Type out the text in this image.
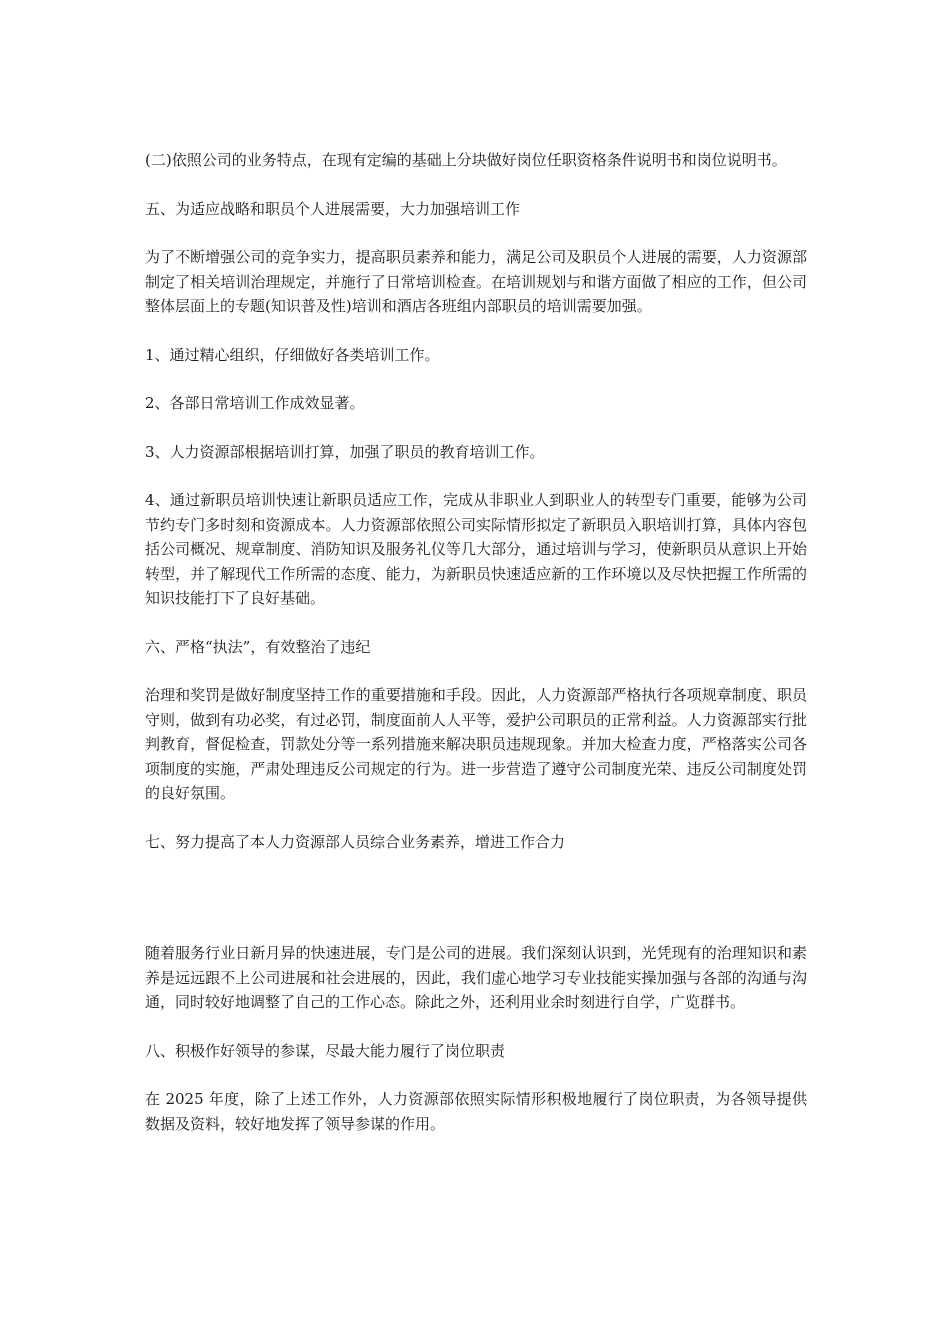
(二)依照公司的业务特点，在现有定编的基础上分块做好岗位任职资格条件说明书和岗位说明书。

五、为适应战略和职员个人进展需要，大力加强培训工作

为了不断增强公司的竞争实力，提高职员素养和能力，满足公司及职员个人进展的需要，人力资源部制定了相关培训治理规定，并施行了日常培训检查。在培训规划与和谐方面做了相应的工作，但公司整体层面上的专题(知识普及性)培训和酒店各班组内部职员的培训需要加强。

1、通过精心组织，仔细做好各类培训工作。

2、各部日常培训工作成效显著。

3、人力资源部根据培训打算，加强了职员的教育培训工作。

4、通过新职员培训快速让新职员适应工作，完成从非职业人到职业人的转型专门重要，能够为公司节约专门多时刻和资源成本。人力资源部依照公司实际情形拟定了新职员入职培训打算，具体内容包括公司概况、规章制度、消防知识及服务礼仪等几大部分，通过培训与学习，使新职员从意识上开始转型，并了解现代工作所需的态度、能力，为新职员快速适应新的工作环境以及尽快把握工作所需的知识技能打下了良好基础。

六、严格“执法”，有效整治了违纪

治理和奖罚是做好制度坚持工作的重要措施和手段。因此，人力资源部严格执行各项规章制度、职员守则，做到有功必奖，有过必罚，制度面前人人平等，爱护公司职员的正常利益。人力资源部实行批判教育，督促检查，罚款处分等一系列措施来解决职员违规现象。并加大检查力度，严格落实公司各项制度的实施，严肃处理违反公司规定的行为。进一步营造了遵守公司制度光荣、违反公司制度处罚的良好氛围。

七、努力提高了本人力资源部人员综合业务素养，增进工作合力

随着服务行业日新月异的快速进展，专门是公司的进展。我们深刻认识到，光凭现有的治理知识和素养是远远跟不上公司进展和社会进展的，因此，我们虚心地学习专业技能实操加强与各部的沟通与沟通，同时较好地调整了自己的工作心态。除此之外，还利用业余时刻进行自学，广览群书。

八、积极作好领导的参谋，尽最大能力履行了岗位职责

在 2025 年度，除了上述工作外，人力资源部依照实际情形积极地履行了岗位职责，为各领导提供数据及资料，较好地发挥了领导参谋的作用。
